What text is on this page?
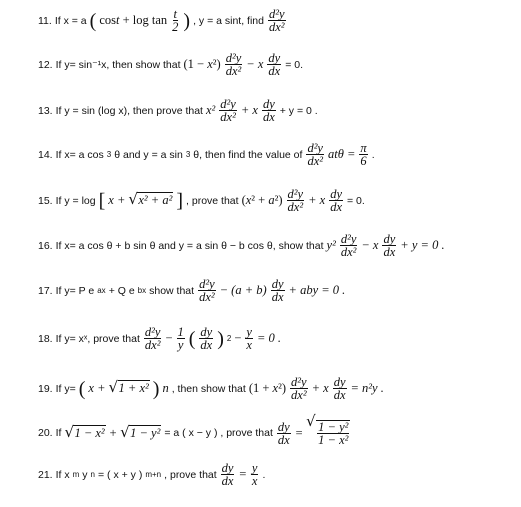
11. If x = a ( $\cos t + \log \tan \frac{t}{2}$ ) , y = a sint, find $\frac{\text{d²y}}{\text{dx²}}$
12. If y= sin⁻¹x, then show that $(1 - x^2) \frac{\text{d²y}}{\text{dx²}} - x \frac{dy}{dx} = 0$.
13. If y = sin (log x), then prove that $x^2 \frac{\text{d²y}}{\text{dx²}} + x \frac{dy}{dx} + y = 0$ .
14. If x= a cos 3 θ and y = a sin 3 θ, then find the value of $\frac{\text{d²y}}{\text{dx²}}$ $at\theta = \frac{\pi}{6}$ .
15. If y = log [ x + √ x² + a² ] , prove that $(x^2 + a^2) \frac{\text{d²y}}{\text{dx²}} + x \frac{dy}{dx} = 0$.
16. If x= a cos θ + b sin θ and y = a sin θ − b cos θ, show that $y^2 \frac{\text{d²y}}{\text{dx²}} - x \frac{dy}{dx} + y = 0$ .
17. If y= P e ax + Q e bx show that $\frac{\text{d²y}}{\text{dx²}} - (a + b) \frac{dy}{dx}$ + aby = 0 .
18. If y= xˣ, prove that $\frac{\text{d²y}}{\text{dx²}} - \frac{1}{y}$ ( $\frac{dy}{dx}$ ) $2 - \frac{y}{x} = 0$ .
19. If y= ( x + √ 1 + x² ) n , then show that $(1 + x^2) \frac{\text{d²y}}{\text{dx²}} + x \frac{dy}{dx} = n^2y$ .
20. If √ 1 − x² + √ 1 − y² = a ( x − y ) , prove that $\frac{dy}{dx}$ =
√ $\frac{\text{1 − y²}}{\text{1 − x²}}$
21. If x m y n = ( x + y ) m+n , prove that $\frac{dy}{dx} = \frac{y}{x}$ .
